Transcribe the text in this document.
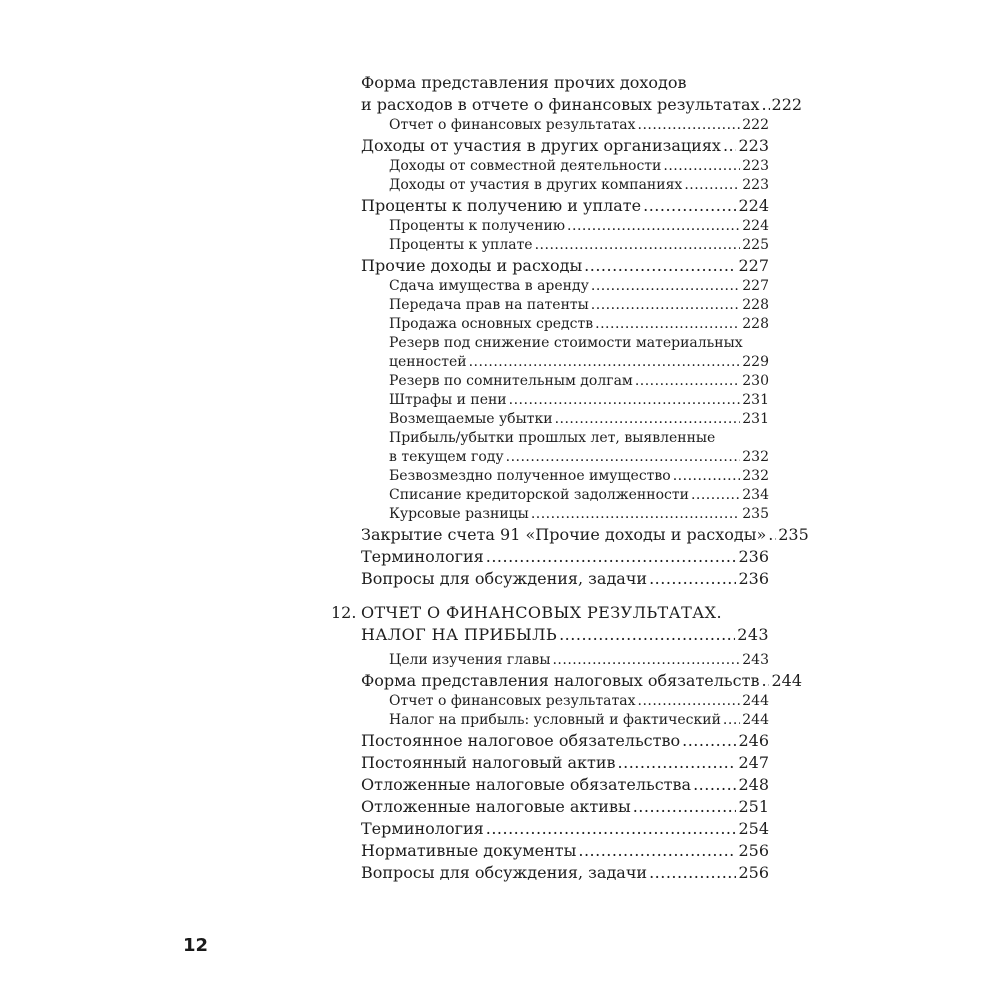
Форма представления прочих доходов
и расходов в отчете о финансовых результатах ..... 222
Отчет о финансовых результатах .....	222
Доходы от участия в других организациях ..... 223
Доходы от совместной деятельности .....	223
Доходы от участия в других компаниях .....	223
Проценты к получению и уплате .....	224
Проценты к получению .....	224
Проценты к уплате .....	225
Прочие доходы и расходы .....	227
Сдача имущества в аренду .....	227
Передача прав на патенты .....	228
Продажа основных средств .....	228
Резерв под снижение стоимости материальных
ценностей .....	229
Резерв по сомнительным долгам .....	230
Штрафы и пени .....	231
Возмещаемые убытки .....	231
Прибыль/убытки прошлых лет, выявленные
в текущем году .....	232
Безвозмездно полученное имущество .....	232
Списание кредиторской задолженности .....	234
Курсовые разницы .....	235
Закрытие счета 91 «Прочие доходы и расходы» ..... 235
Терминология .....	236
Вопросы для обсуждения, задачи .....	236
12. ОТЧЕТ О ФИНАНСОВЫХ РЕЗУЛЬТАТАХ.
НАЛОГ НА ПРИБЫЛЬ .....	243
Цели изучения главы .....	243
Форма представления налоговых обязательств ..... 244
Отчет о финансовых результатах .....	244
Налог на прибыль: условный и фактический ..... 244
Постоянное налоговое обязательство .....	246
Постоянный налоговый актив .....	247
Отложенные налоговые обязательства .....	248
Отложенные налоговые активы .....	251
Терминология .....	254
Нормативные документы .....	256
Вопросы для обсуждения, задачи .....	256
12
